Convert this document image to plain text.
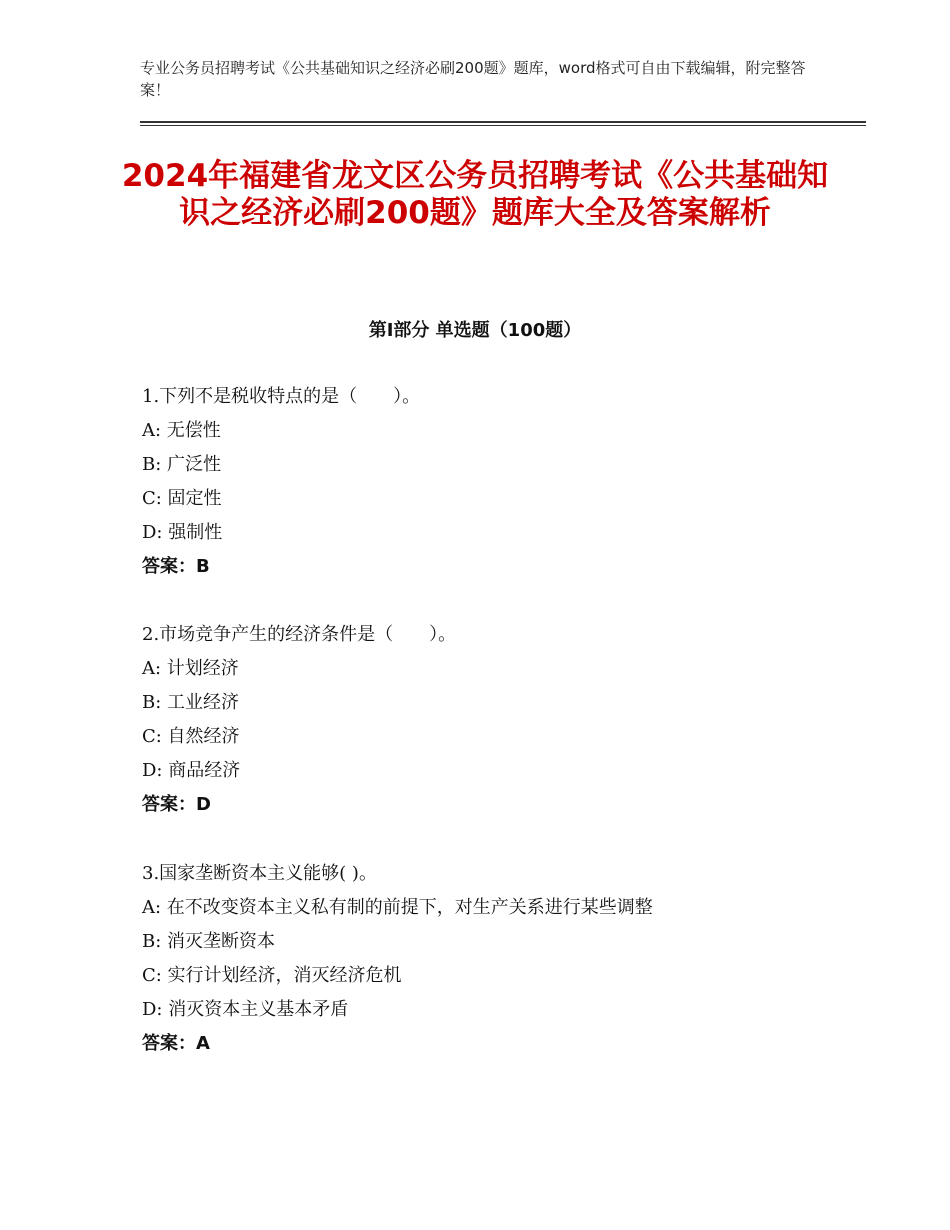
专业公务员招聘考试《公共基础知识之经济必刷200题》题库，word格式可自由下载编辑，附完整答案！
2024年福建省龙文区公务员招聘考试《公共基础知识之经济必刷200题》题库大全及答案解析
第Ⅰ部分 单选题（100题）
1.下列不是税收特点的是（　　）。
A: 无偿性
B: 广泛性
C: 固定性
D: 强制性
答案：B
2.市场竞争产生的经济条件是（　　）。
A: 计划经济
B: 工业经济
C: 自然经济
D: 商品经济
答案：D
3.国家垄断资本主义能够( )。
A: 在不改变资本主义私有制的前提下，对生产关系进行某些调整
B: 消灭垄断资本
C: 实行计划经济，消灭经济危机
D: 消灭资本主义基本矛盾
答案：A
